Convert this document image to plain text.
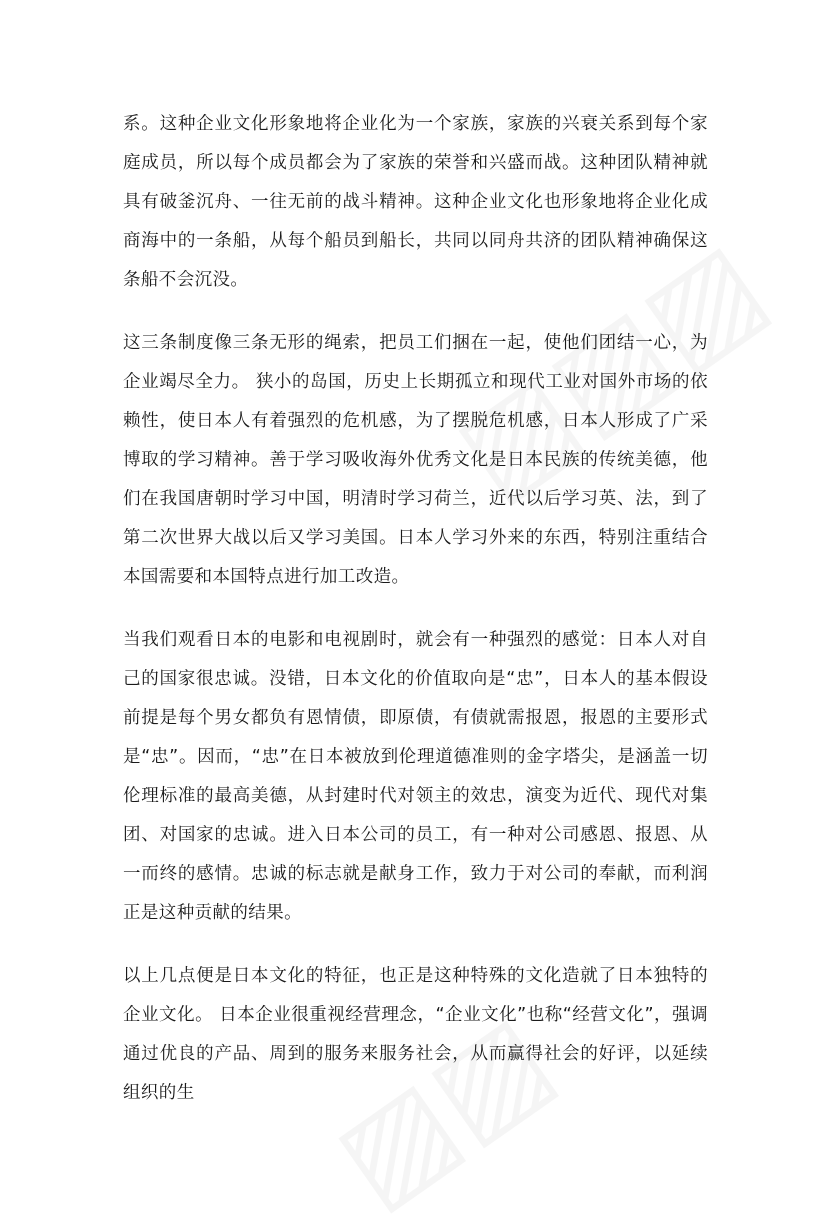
系。这种企业文化形象地将企业化为一个家族，家族的兴衰关系到每个家庭成员，所以每个成员都会为了家族的荣誉和兴盛而战。这种团队精神就具有破釜沉舟、一往无前的战斗精神。这种企业文化也形象地将企业化成商海中的一条船，从每个船员到船长，共同以同舟共济的团队精神确保这条船不会沉没。

这三条制度像三条无形的绳索，把员工们捆在一起，使他们团结一心，为企业竭尽全力。 狭小的岛国，历史上长期孤立和现代工业对国外市场的依赖性，使日本人有着强烈的危机感，为了摆脱危机感，日本人形成了广采博取的学习精神。善于学习吸收海外优秀文化是日本民族的传统美德，他们在我国唐朝时学习中国，明清时学习荷兰，近代以后学习英、法，到了第二次世界大战以后又学习美国。日本人学习外来的东西，特别注重结合本国需要和本国特点进行加工改造。

当我们观看日本的电影和电视剧时，就会有一种强烈的感觉：日本人对自己的国家很忠诚。没错，日本文化的价值取向是“忠”，日本人的基本假设前提是每个男女都负有恩情债，即原债，有债就需报恩，报恩的主要形式是“忠”。因而，“忠”在日本被放到伦理道德准则的金字塔尖，是涵盖一切伦理标准的最高美德，从封建时代对领主的效忠，演变为近代、现代对集团、对国家的忠诚。进入日本公司的员工，有一种对公司感恩、报恩、从一而终的感情。忠诚的标志就是献身工作，致力于对公司的奉献，而利润正是这种贡献的结果。

以上几点便是日本文化的特征，也正是这种特殊的文化造就了日本独特的企业文化。 日本企业很重视经营理念，“企业文化”也称“经营文化”，强调通过优良的产品、周到的服务来服务社会，从而赢得社会的好评，以延续组织的生
